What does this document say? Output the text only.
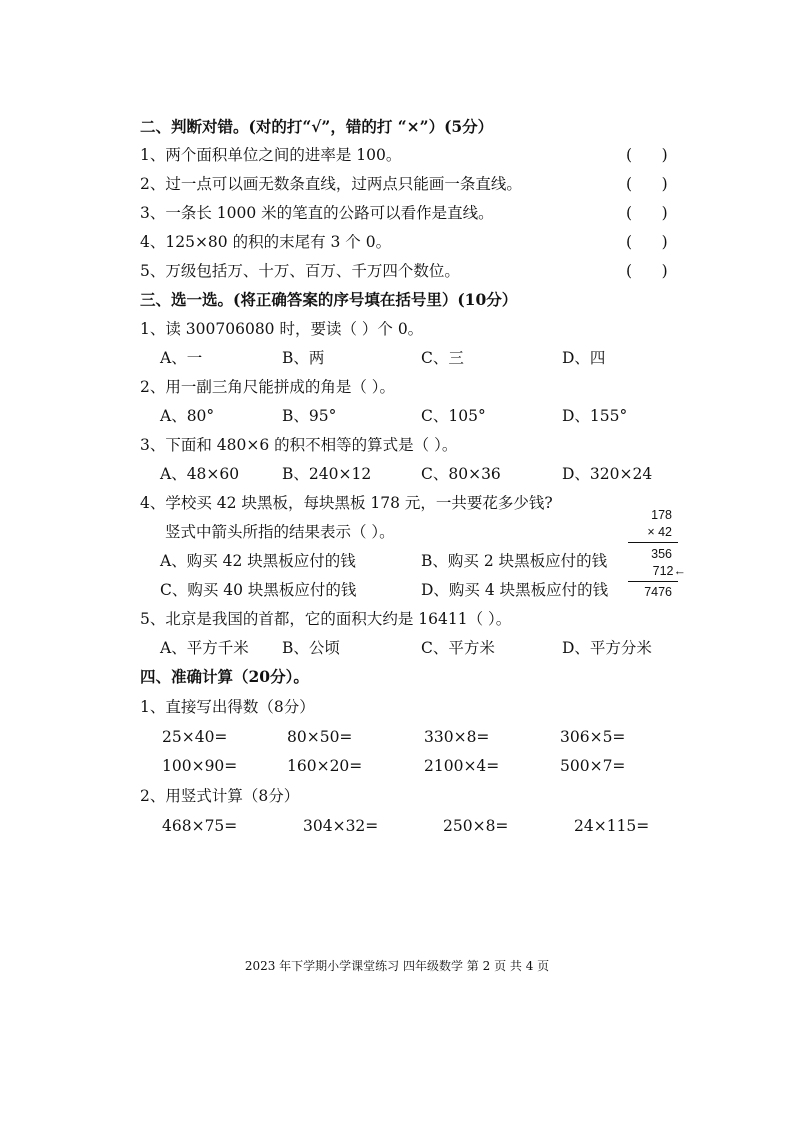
二、判断对错。(对的打“√”，错的打 “×”）(5分）
1、两个面积单位之间的进率是 100。	(      )
2、过一点可以画无数条直线，过两点只能画一条直线。	(      )
3、一条长 1000 米的笔直的公路可以看作是直线。	(      )
4、125×80 的积的末尾有 3 个 0。	(      )
5、万级包括万、十万、百万、千万四个数位。	(      )
三、选一选。(将正确答案的序号填在括号里）(10分）
1、读 300706080 时，要读（ ）个 0。
A、一	B、两	C、三	D、四
2、用一副三角尺能拼成的角是（ ）。
A、80°	B、95°	C、105°	D、155°
3、下面和 480×6 的积不相等的算式是（ ）。
A、48×60	B、240×12	C、80×36	D、320×24
4、学校买 42 块黑板，每块黑板 178 元，一共要花多少钱?
竖式中箭头所指的结果表示（ ）。
A、购买 42 块黑板应付的钱	B、购买 2 块黑板应付的钱
C、购买 40 块黑板应付的钱	D、购买 4 块黑板应付的钱
178
× 42
356
712←
7476
5、北京是我国的首都，它的面积大约是 16411（ ）。
A、平方千米 B、公顷	C、平方米	D、平方分米
四、准确计算（20分）。
1、直接写出得数（8分）
25×40=	80×50=	330×8=	306×5=
100×90=	160×20=	2100×4=	500×7=
2、用竖式计算（8分）
468×75=	304×32=	250×8=	24×115=
2023 年下学期小学课堂练习 四年级数学 第 2 页 共 4 页
